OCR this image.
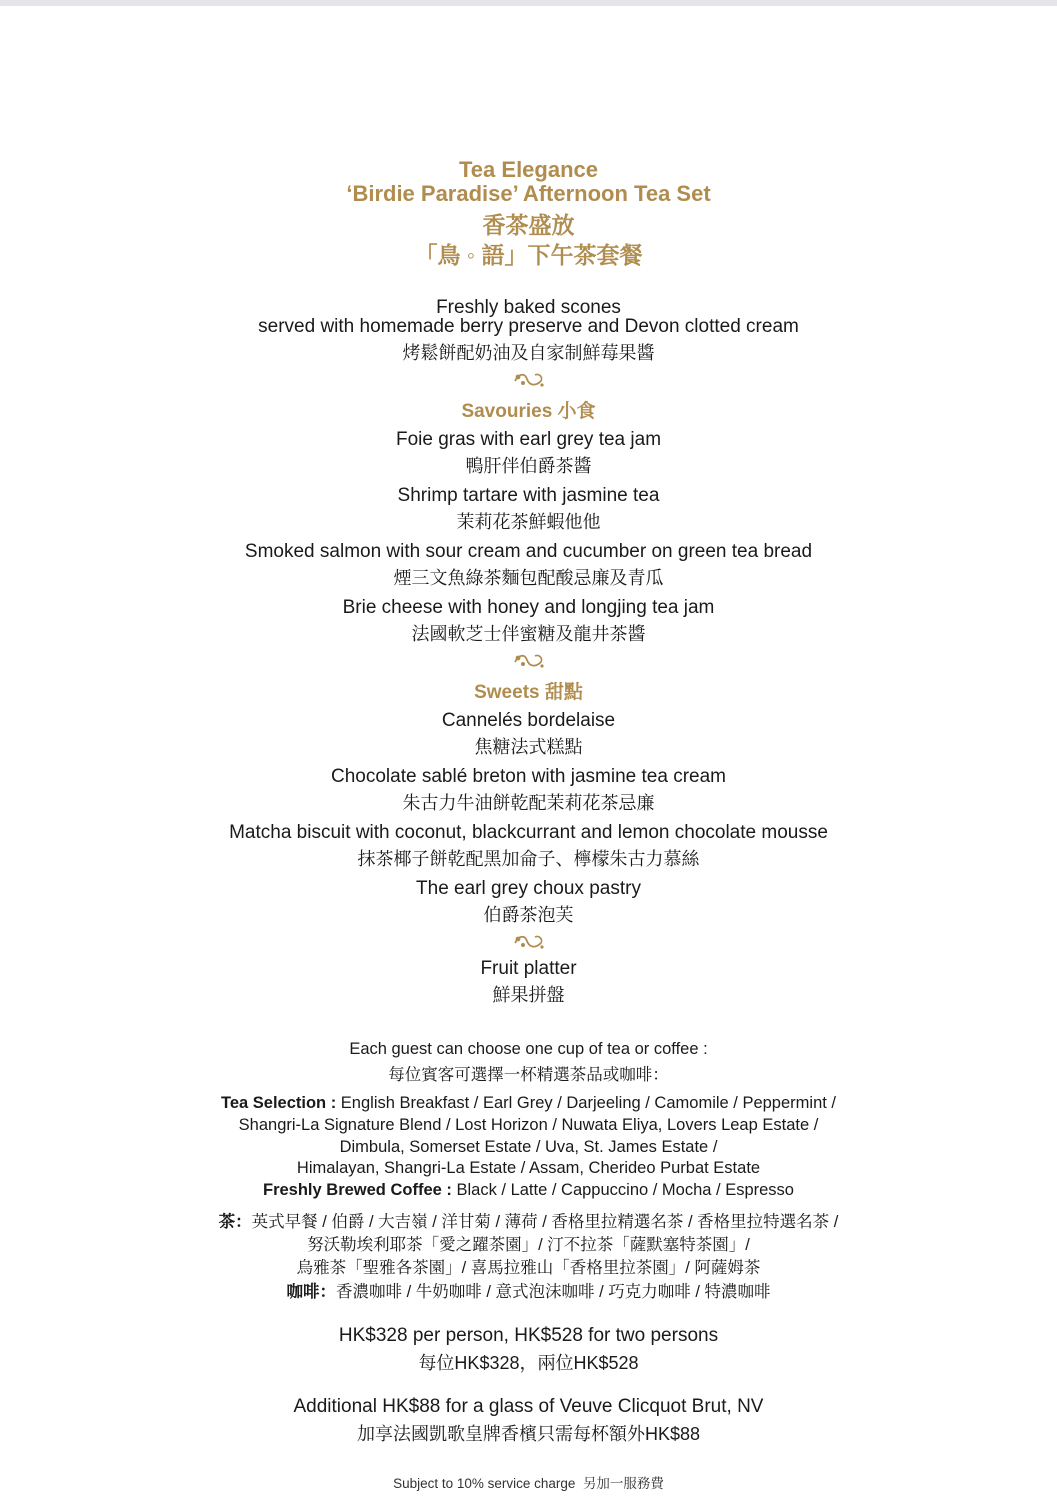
Tea Elegance
‘Birdie Paradise’ Afternoon Tea Set
香茶盛放
「鳥 ◦ 語」下午茶套餐
Freshly baked scones
served with homemade berry preserve and Devon clotted cream
烤鬆餅配奶油及自家制鮮莓果醬
Savouries 小食
Foie gras with earl grey tea jam
鴨肝伴伯爵茶醬
Shrimp tartare with jasmine tea
茉莉花茶鮮蝦他他
Smoked salmon with sour cream and cucumber on green tea bread
煙三文魚綠茶麵包配酸忌廉及青瓜
Brie cheese with honey and longjing tea jam
法國軟芝士伴蜜糖及龍井茶醬
Sweets 甜點
Cannelés bordelaise
焦糖法式糕點
Chocolate sablé breton with jasmine tea cream
朱古力牛油餅乾配茉莉花茶忌廉
Matcha biscuit with coconut, blackcurrant and lemon chocolate mousse
抹茶椰子餅乾配黑加侖子、檸檬朱古力慕絲
The earl grey choux pastry
伯爵茶泡芙
Fruit platter
鮮果拼盤
Each guest can choose one cup of tea or coffee :
每位賓客可選擇一杯精選茶品或咖啡：
Tea Selection : English Breakfast / Earl Grey / Darjeeling / Camomile / Peppermint /
Shangri-La Signature Blend / Lost Horizon / Nuwata Eliya, Lovers Leap Estate /
Dimbula, Somerset Estate / Uva, St. James Estate /
Himalayan, Shangri-La Estate / Assam, Cherideo Purbat Estate
Freshly Brewed Coffee : Black / Latte / Cappuccino / Mocha / Espresso
茶：英式早餐 / 伯爵 / 大吉嶺 / 洋甘菊 / 薄荷 / 香格里拉精選名茶 / 香格里拉特選名茶 /
努沃勒埃利耶茶「愛之躍茶園」/ 汀不拉茶「薩默塞特茶園」/
烏雅茶「聖雅各茶園」/ 喜馬拉雅山「香格里拉茶園」/ 阿薩姆茶
咖啡：香濃咖啡 / 牛奶咖啡 / 意式泡沫咖啡 / 巧克力咖啡 / 特濃咖啡
HK$328 per person, HK$528 for two persons
每位HK$328，兩位HK$528
Additional HK$88 for a glass of Veuve Clicquot Brut, NV
加享法國凱歌皇牌香檳只需每杯額外HK$88
Subject to 10% service charge 另加一服務費
